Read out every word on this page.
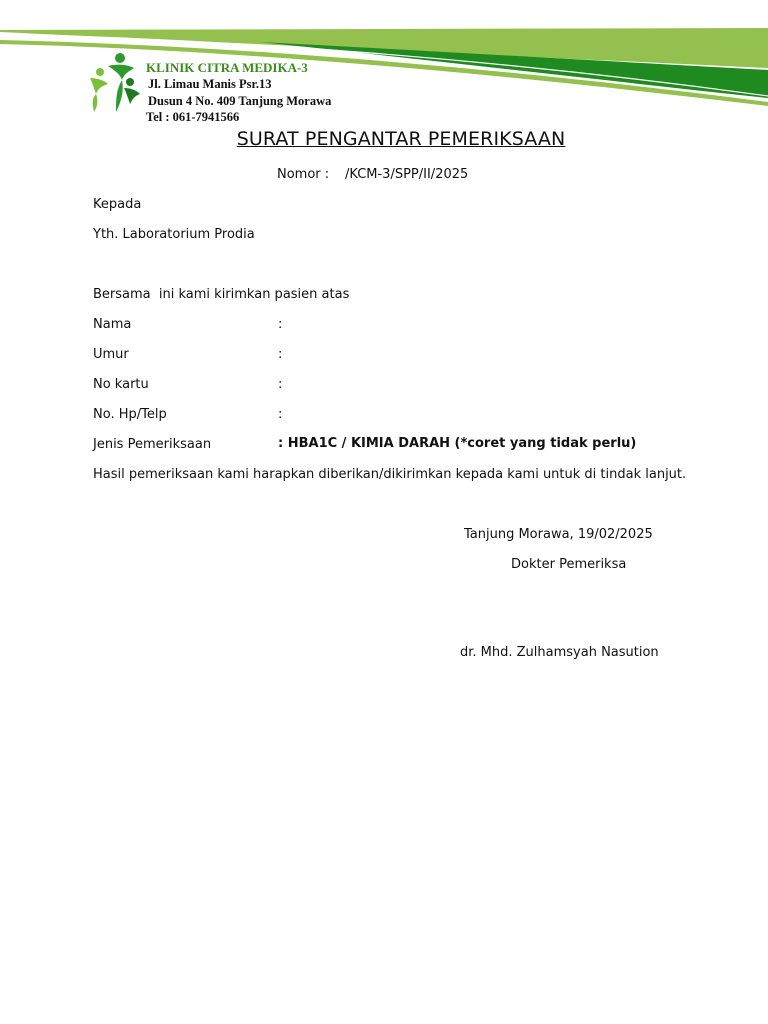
KLINIK CITRA MEDIKA-3
Jl. Limau Manis Psr.13
Dusun 4 No. 409 Tanjung Morawa
Tel : 061-7941566
SURAT PENGANTAR PEMERIKSAAN
Nomor : /KCM-3/SPP/II/2025
Kepada
Yth. Laboratorium Prodia
Bersama  ini kami kirimkan pasien atas
Nama	:
Umur	:
No kartu	:
No. Hp/Telp	:
Jenis Pemeriksaan	: HBA1C / KIMIA DARAH (*coret yang tidak perlu)
Hasil pemeriksaan kami harapkan diberikan/dikirimkan kepada kami untuk di tindak lanjut.
Tanjung Morawa, 19/02/2025
Dokter Pemeriksa
dr. Mhd. Zulhamsyah Nasution
